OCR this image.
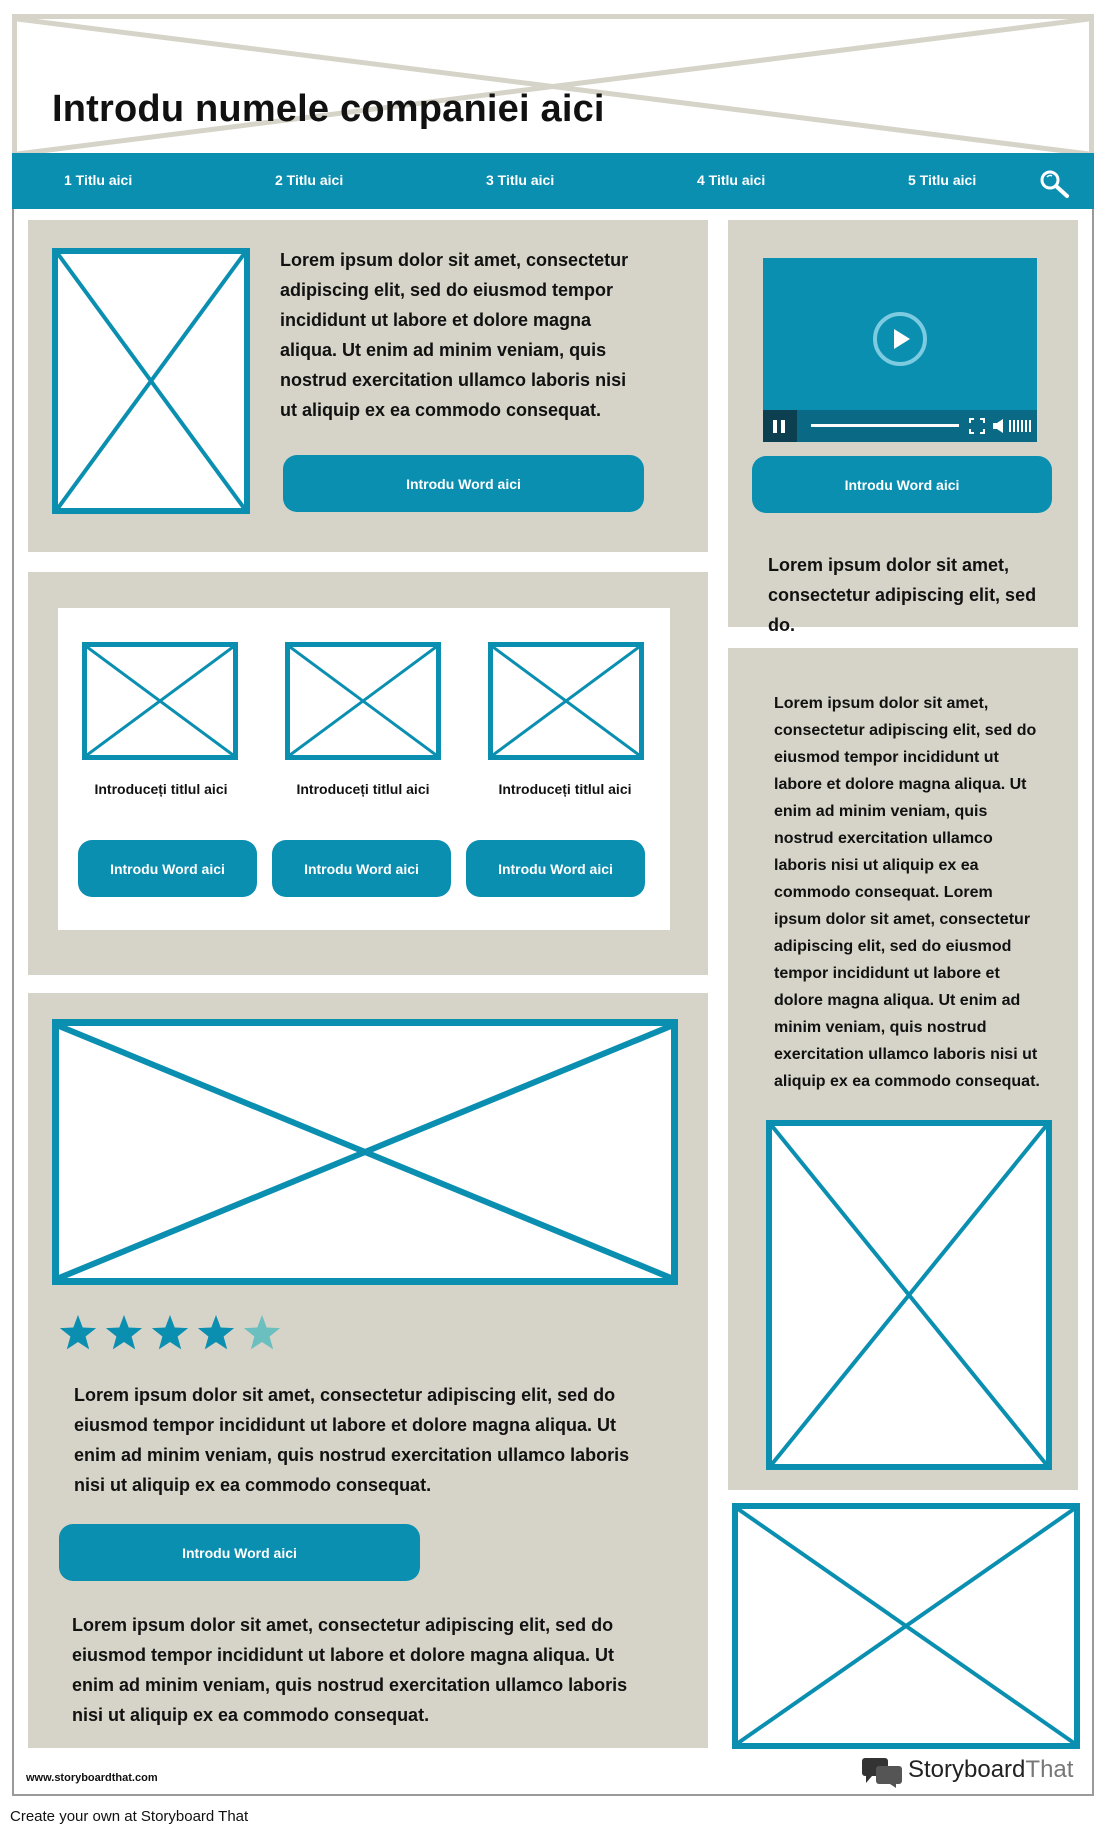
Introdu numele companiei aici
1 Titlu aici	2 Titlu aici	3 Titlu aici	4 Titlu aici	5 Titlu aici
Lorem ipsum dolor sit amet, consectetur adipiscing elit, sed do eiusmod tempor incididunt ut labore et dolore magna aliqua. Ut enim ad minim veniam, quis nostrud exercitation ullamco laboris nisi ut aliquip ex ea commodo consequat.
Introdu Word aici	Introdu Word aici
Lorem ipsum dolor sit amet, consectetur adipiscing elit, sed do.
Introduceți titlul aici	Introduceți titlul aici	Introduceți titlul aici
Introdu Word aici	Introdu Word aici	Introdu Word aici
Lorem ipsum dolor sit amet, consectetur adipiscing elit, sed do eiusmod tempor incididunt ut labore et dolore magna aliqua. Ut enim ad minim veniam, quis nostrud exercitation ullamco laboris nisi ut aliquip ex ea commodo consequat. Lorem ipsum dolor sit amet, consectetur adipiscing elit, sed do eiusmod tempor incididunt ut labore et dolore magna aliqua. Ut enim ad minim veniam, quis nostrud exercitation ullamco laboris nisi ut aliquip ex ea commodo consequat.
Lorem ipsum dolor sit amet, consectetur adipiscing elit, sed do eiusmod tempor incididunt ut labore et dolore magna aliqua. Ut enim ad minim veniam, quis nostrud exercitation ullamco laboris nisi ut aliquip ex ea commodo consequat.
Introdu Word aici
Lorem ipsum dolor sit amet, consectetur adipiscing elit, sed do eiusmod tempor incididunt ut labore et dolore magna aliqua. Ut enim ad minim veniam, quis nostrud exercitation ullamco laboris nisi ut aliquip ex ea commodo consequat.
www.storyboardthat.com	StoryboardThat
Create your own at Storyboard That
